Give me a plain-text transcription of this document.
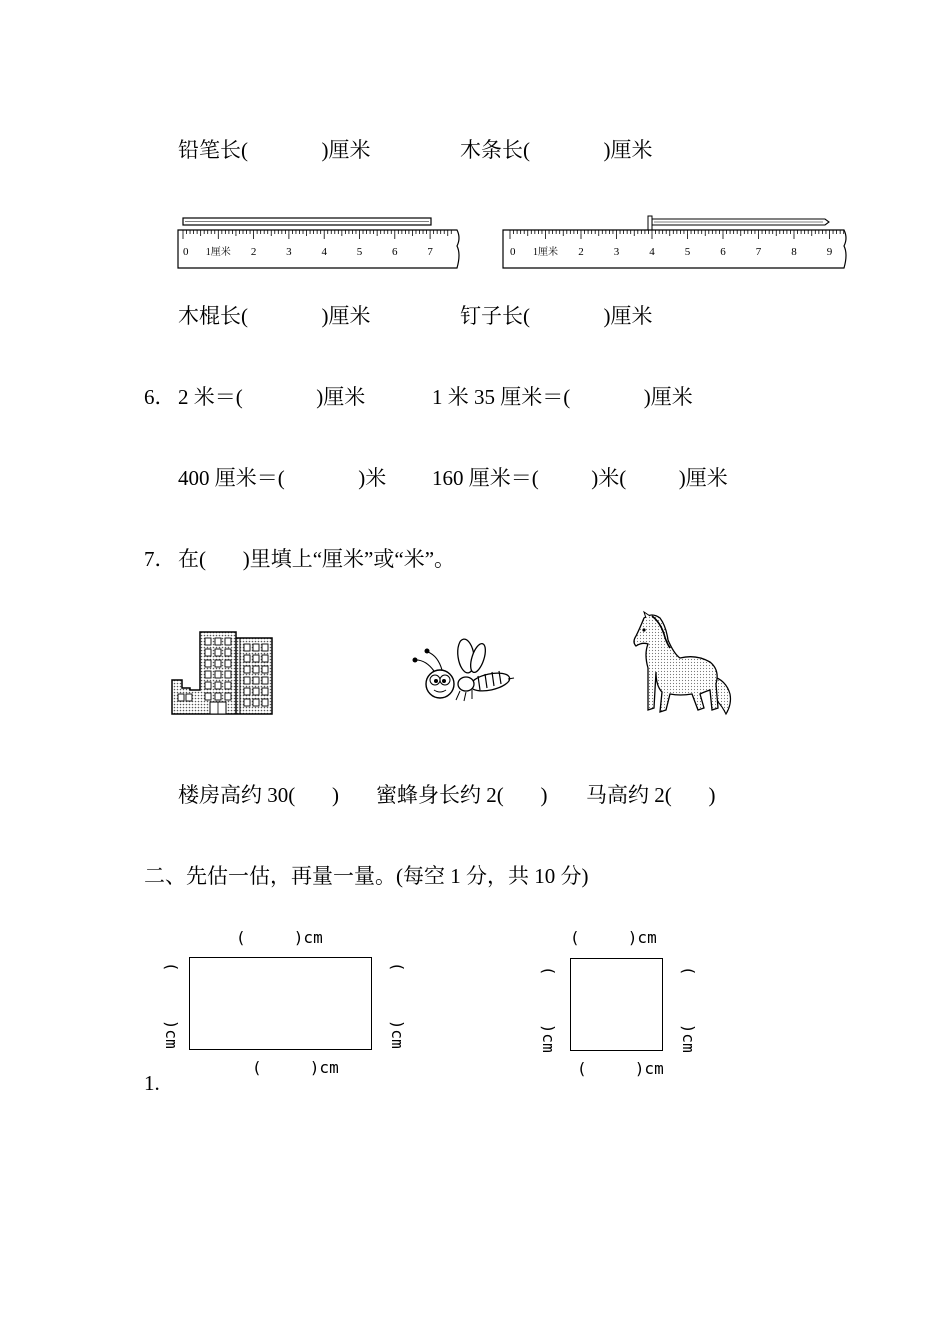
铅笔长(              )厘米	木条长(              )厘米
0 1厘米 2	3	4	5	6	7	0 1厘米 2	3	4	5	6	7	8	9
木棍长(              )厘米	钉子长(              )厘米
6． 2 米＝(              )厘米	1 米 35 厘米＝(              )厘米
400 厘米＝(              )米 160 厘米＝(          )米(          )厘米
7． 在(       )里填上“厘米”或“米”。
楼房高约 30(       ) 蜜蜂身长约 2(       ) 马高约 2(       )
二、先估一估，再量一量。(每空 1 分，共 10 分)
(     )cm
(     )cm	(     )cm
(     )cm
1.
(     )cm
(     )cm	(     )cm
(     )cm
